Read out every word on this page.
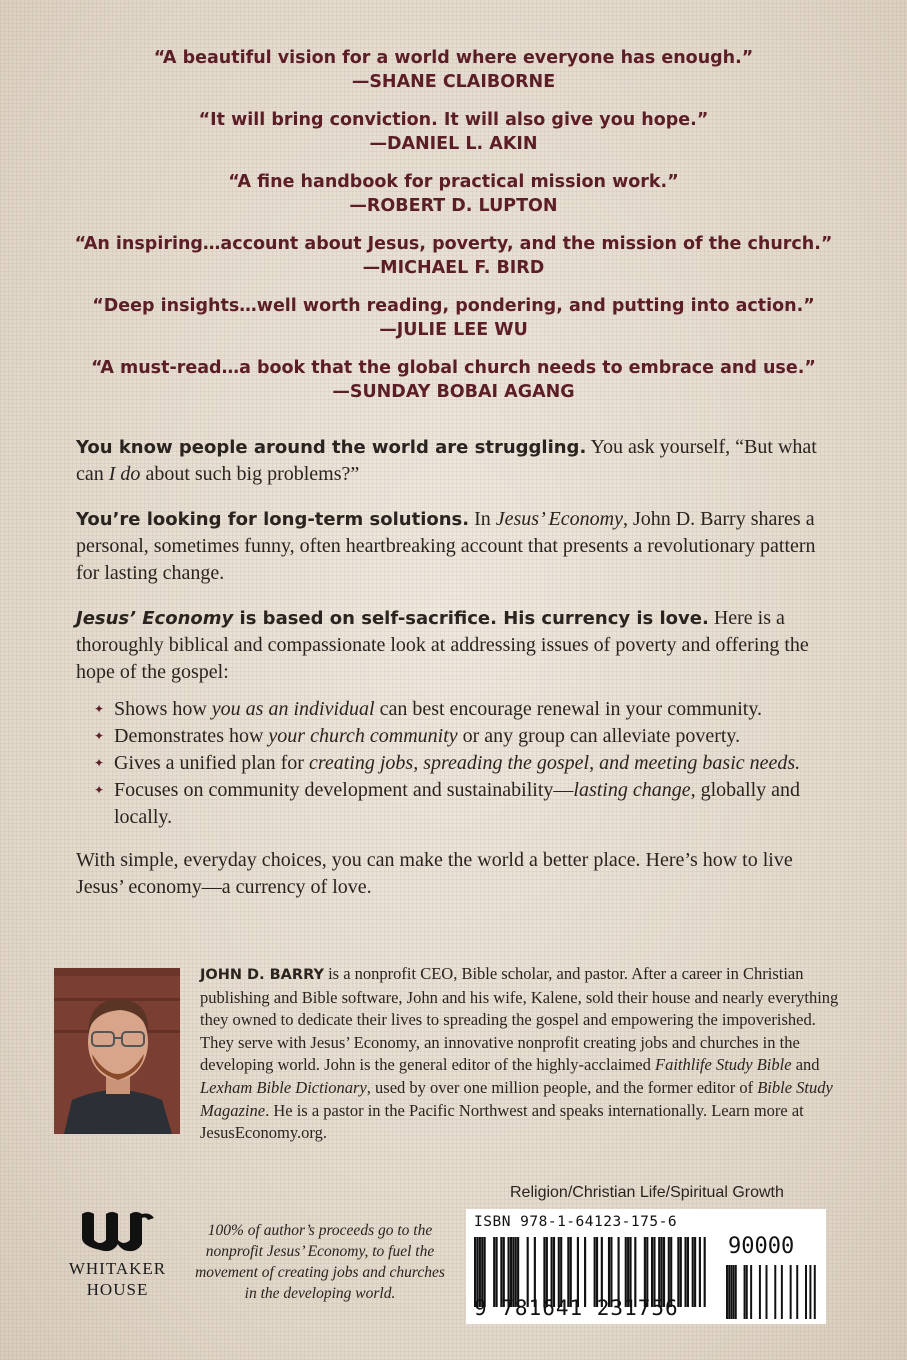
“A beautiful vision for a world where everyone has enough.”
—SHANE CLAIBORNE
“It will bring conviction. It will also give you hope.”
—DANIEL L. AKIN
“A fine handbook for practical mission work.”
—ROBERT D. LUPTON
“An inspiring…account about Jesus, poverty, and the mission of the church.”
—MICHAEL F. BIRD
“Deep insights…well worth reading, pondering, and putting into action.”
—JULIE LEE WU
“A must-read…a book that the global church needs to embrace and use.”
—SUNDAY BOBAI AGANG

You know people around the world are struggling. You ask yourself, “But what can I do about such big problems?”

You’re looking for long-term solutions. In Jesus’ Economy, John D. Barry shares a personal, sometimes funny, often heartbreaking account that presents a revolutionary pattern for lasting change.

Jesus’ Economy is based on self-sacrifice. His currency is love. Here is a thoroughly biblical and compassionate look at addressing issues of poverty and offering the hope of the gospel:

✦ Shows how you as an individual can best encourage renewal in your community.
✦ Demonstrates how your church community or any group can alleviate poverty.
✦ Gives a unified plan for creating jobs, spreading the gospel, and meeting basic needs.
✦ Focuses on community development and sustainability—lasting change, globally and locally.

With simple, everyday choices, you can make the world a better place. Here’s how to live Jesus’ economy—a currency of love.

JOHN D. BARRY is a nonprofit CEO, Bible scholar, and pastor. After a career in Christian publishing and Bible software, John and his wife, Kalene, sold their house and nearly everything they owned to dedicate their lives to spreading the gospel and empowering the impoverished. They serve with Jesus’ Economy, an innovative nonprofit creating jobs and churches in the developing world. John is the general editor of the highly-acclaimed Faithlife Study Bible and Lexham Bible Dictionary, used by over one million people, and the former editor of Bible Study Magazine. He is a pastor in the Pacific Northwest and speaks internationally. Learn more at JesusEconomy.org.
Religion/Christian Life/Spiritual Growth
WHITAKER
HOUSE
100% of author’s proceeds go to the nonprofit Jesus’ Economy, to fuel the movement of creating jobs and churches in the developing world.
ISBN 978-1-64123-175-6
90000
9 781641 231756
